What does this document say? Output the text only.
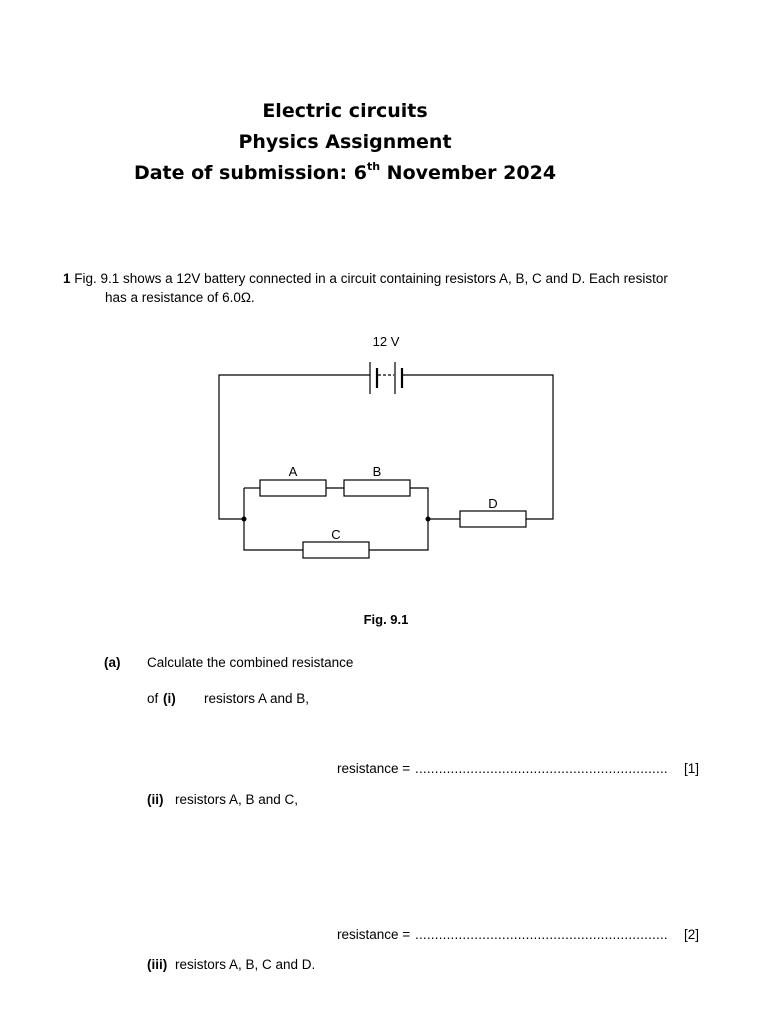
Electric circuits
Physics Assignment
Date of submission: 6th November 2024
1 Fig. 9.1 shows a 12V battery connected in a circuit containing resistors A, B, C and D. Each resistor
has a resistance of 6.0Ω.
12 V
A	B
C
D
Fig. 9.1
(a) Calculate the combined resistance
of (i) resistors A and B,
resistance = ................................................................ [1]
(ii) resistors A, B and C,
resistance = ................................................................ [2]
(iii) resistors A, B, C and D.
